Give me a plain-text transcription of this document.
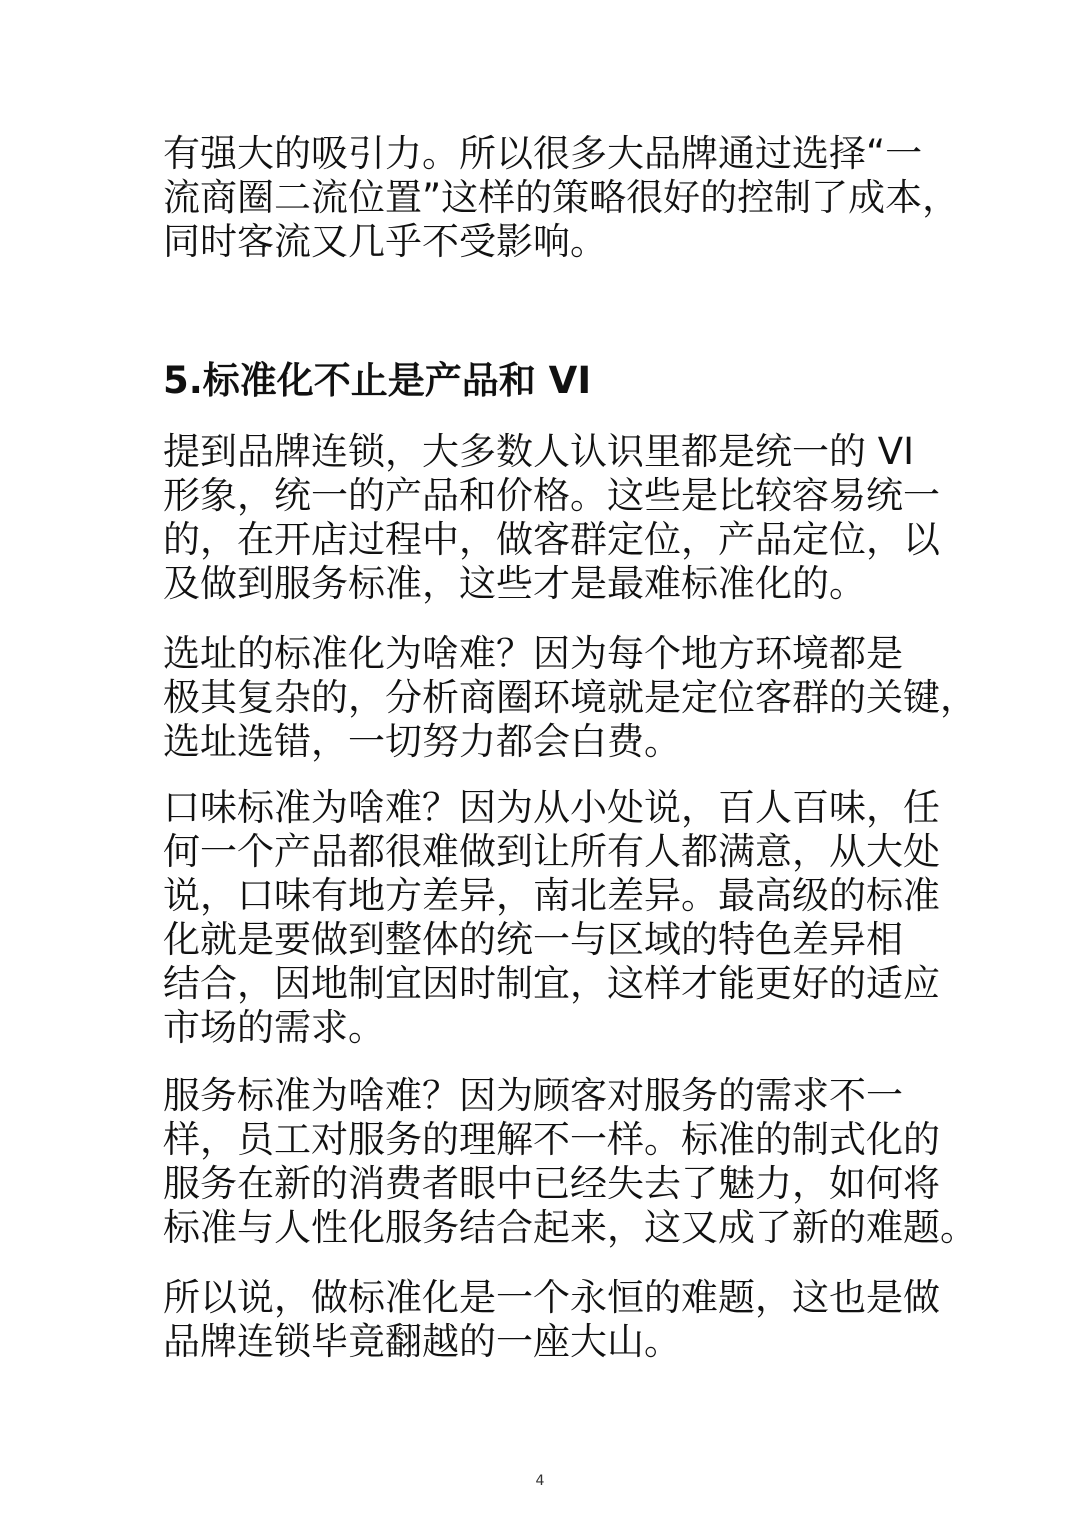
有强大的吸引力。所以很多大品牌通过选择“一
流商圈二流位置”这样的策略很好的控制了成本，
同时客流又几乎不受影响。
5.标准化不止是产品和 VI
提到品牌连锁，大多数人认识里都是统一的 VI
形象，统一的产品和价格。这些是比较容易统一
的，在开店过程中，做客群定位，产品定位，以
及做到服务标准，这些才是最难标准化的。
选址的标准化为啥难？因为每个地方环境都是
极其复杂的，分析商圈环境就是定位客群的关键，
选址选错，一切努力都会白费。
口味标准为啥难？因为从小处说，百人百味，任
何一个产品都很难做到让所有人都满意，从大处
说，口味有地方差异，南北差异。最高级的标准
化就是要做到整体的统一与区域的特色差异相
结合，因地制宜因时制宜，这样才能更好的适应
市场的需求。
服务标准为啥难？因为顾客对服务的需求不一
样，员工对服务的理解不一样。标准的制式化的
服务在新的消费者眼中已经失去了魅力，如何将
标准与人性化服务结合起来，这又成了新的难题。
所以说，做标准化是一个永恒的难题，这也是做
品牌连锁毕竟翻越的一座大山。
4
